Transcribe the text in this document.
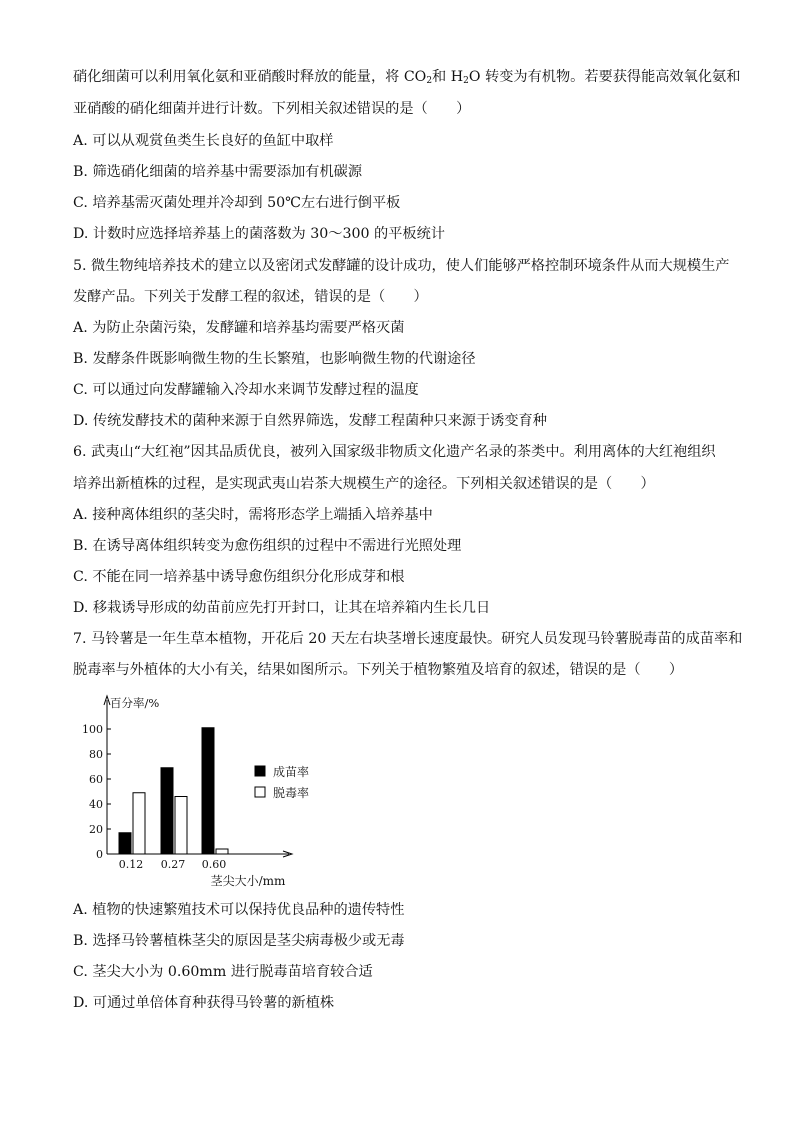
硝化细菌可以利用氧化氨和亚硝酸时释放的能量，将 $CO_2$和 $H_2O$ 转变为有机物。若要获得能高效氧化氨和
亚硝酸的硝化细菌并进行计数。下列相关叙述错误的是（　　）
A. 可以从观赏鱼类生长良好的鱼缸中取样
B. 筛选硝化细菌的培养基中需要添加有机碳源
C. 培养基需灭菌处理并冷却到 50℃左右进行倒平板
D. 计数时应选择培养基上的菌落数为 30～300 的平板统计
5. 微生物纯培养技术的建立以及密闭式发酵罐的设计成功，使人们能够严格控制环境条件从而大规模生产
发酵产品。下列关于发酵工程的叙述，错误的是（　　）
A. 为防止杂菌污染，发酵罐和培养基均需要严格灭菌
B. 发酵条件既影响微生物的生长繁殖，也影响微生物的代谢途径
C. 可以通过向发酵罐输入冷却水来调节发酵过程的温度
D. 传统发酵技术的菌种来源于自然界筛选，发酵工程菌种只来源于诱变育种
6. 武夷山“大红袍”因其品质优良，被列入国家级非物质文化遗产名录的茶类中。利用离体的大红袍组织
培养出新植株的过程，是实现武夷山岩茶大规模生产的途径。下列相关叙述错误的是（　　）
A. 接种离体组织的茎尖时，需将形态学上端插入培养基中
B. 在诱导离体组织转变为愈伤组织的过程中不需进行光照处理
C. 不能在同一培养基中诱导愈伤组织分化形成芽和根
D. 移栽诱导形成的幼苗前应先打开封口，让其在培养箱内生长几日
7. 马铃薯是一年生草本植物，开花后 20 天左右块茎增长速度最快。研究人员发现马铃薯脱毒苗的成苗率和
脱毒率与外植体的大小有关，结果如图所示。下列关于植物繁殖及培育的叙述，错误的是（　　）
百分率/%
0
20
40
60
80
100
0.12 0.27 0.60
茎尖大小/mm
成苗率
脱毒率
A. 植物的快速繁殖技术可以保持优良品种的遗传特性
B. 选择马铃薯植株茎尖的原因是茎尖病毒极少或无毒
C. 茎尖大小为 0.60mm 进行脱毒苗培育较合适
D. 可通过单倍体育种获得马铃薯的新植株
